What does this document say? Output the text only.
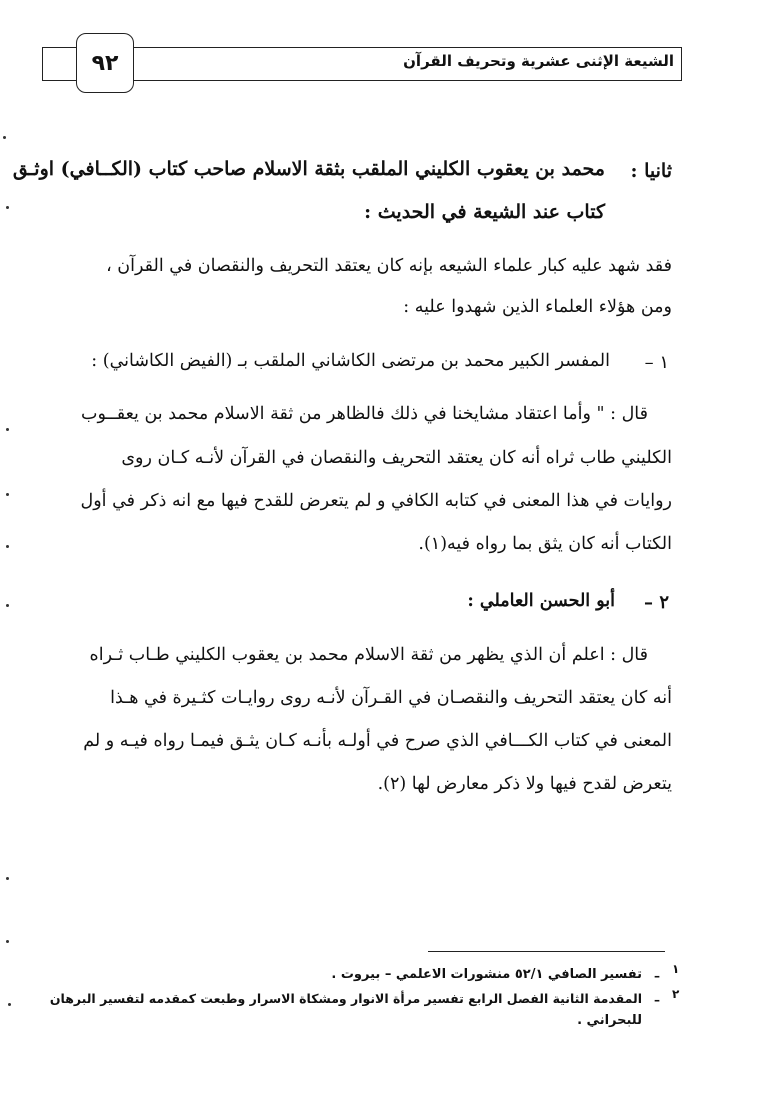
٩٢	الشيعة الإثنى عشرية وتحريف القرآن
ثانيا :
محمد بن يعقوب الكليني الملقب بثقة الاسلام صاحب كتاب (الكــافي) اوثـق
كتاب عند الشيعة في الحديث :
فقد شهد عليه كبار علماء الشيعه بإنه كان يعتقد التحريف والنقصان في القرآن ،
ومن هؤلاء العلماء الذين شهدوا عليه :
١ –
المفسر الكبير محمد بن مرتضى الكاشاني الملقب بـ (الفيض الكاشاني) :
قال : " وأما اعتقاد مشايخنا في ذلك فالظاهر من ثقة الاسلام محمد بن يعقــوب
الكليني طاب ثراه أنه كان يعتقد التحريف والنقصان في القرآن لأنـه كـان روى
روايات في هذا المعنى في كتابه الكافي و لم يتعرض للقدح فيها مع انه ذكر في أول
الكتاب أنه كان يثق بما رواه فيه(١).
٢ –
أبو الحسن العاملي :
قال : اعلم أن الذي يظهر من ثقة الاسلام محمد بن يعقوب الكليني طـاب ثـراه
أنه كان يعتقد التحريف والنقصـان في القـرآن لأنـه روى روايـات كثـيرة في هـذا
المعنى في كتاب الكـــافي الذي صرح في أولـه بأنـه كـان يثـق فيمـا رواه فيـه و لم
يتعرض لقدح فيها ولا ذكر معارض لها (٢).
١
–
تفسير الصافي ٥٢/١ منشورات الاعلمي – بيروت .
٢
–
المقدمة الثانية الفصل الرابع تفسير مرأة الانوار ومشكاة الاسرار وطبعت كمقدمه لتفسير البرهان
للبحراني .
